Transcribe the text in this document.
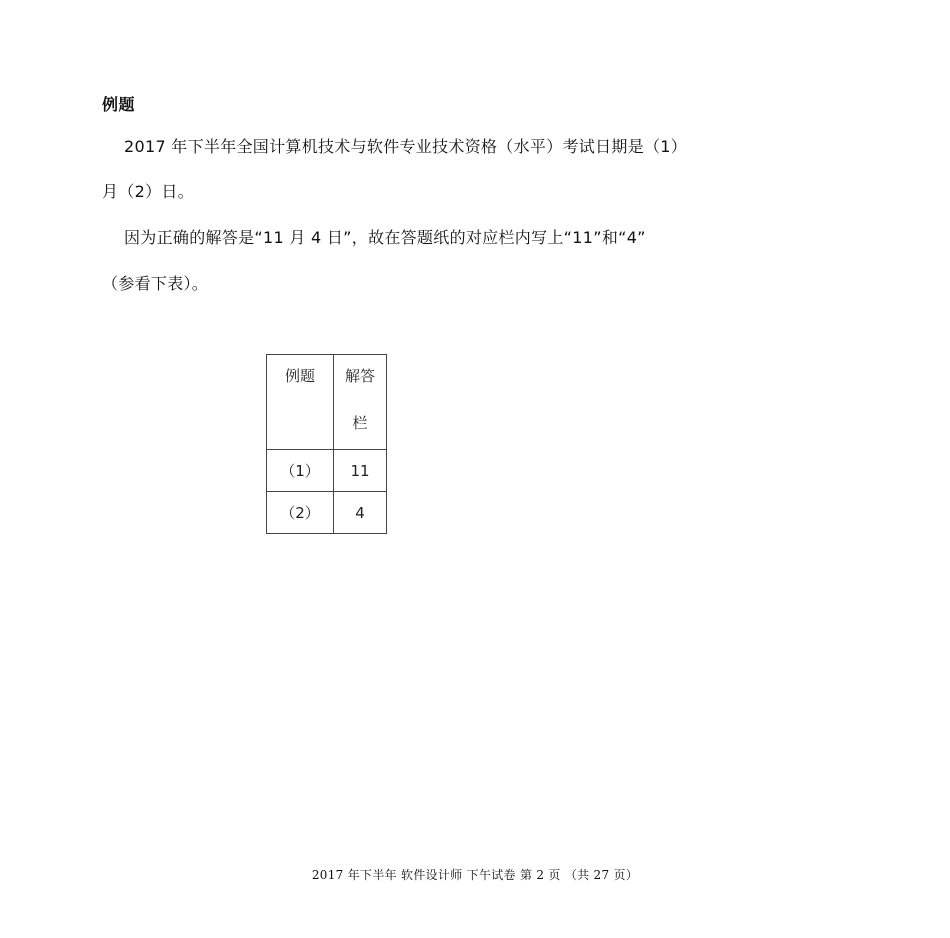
例题
2017 年下半年全国计算机技术与软件专业技术资格（水平）考试日期是（1）
月（2）日。
因为正确的解答是“11 月 4 日”，故在答题纸的对应栏内写上“11”和“4”
（参看下表）。
例题	解答
栏

（1）	11
（2）	4
2017 年下半年 软件设计师 下午试卷 第 2 页 （共 27 页）
